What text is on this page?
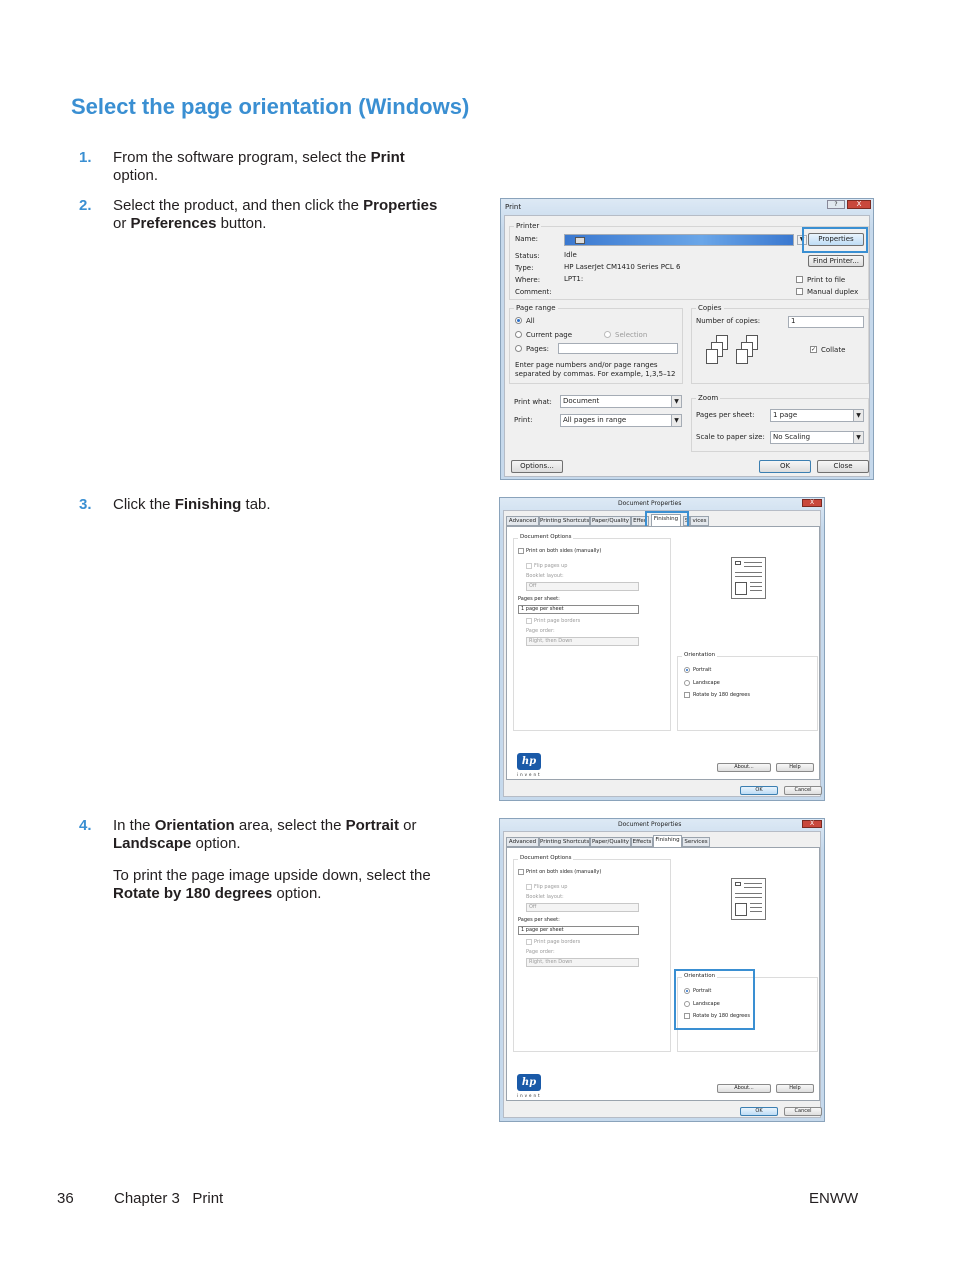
Select the page orientation (Windows)
1. From the software program, select the Print option.
2. Select the product, and then click the Properties or Preferences button.
3. Click the Finishing tab.
4. In the Orientation area, select the Portrait or Landscape option.
To print the page image upside down, select the Rotate by 180 degrees option.
Print	?	X
Printer
Name:	▼
Status:	Idle
Type:	HP LaserJet CM1410 Series PCL 6
Where:	LPT1:
Comment:
Properties
Find Printer...
Print to file
Manual duplex
Page range
All
Current page	Selection
Pages:
Enter page numbers and/or page ranges
separated by commas. For example, 1,3,5–12
Copies
Number of copies:	1
✓ Collate
Print what:	Document	▼
Print:	All pages in range	▼
Zoom
Pages per sheet:	1 page	▼
Scale to paper size:	No Scaling	▼
Options...	OK	Close
Document Properties	X
Advanced Printing Shortcuts Paper/Quality Effec	Finishing	S vices
Document Options
Print on both sides (manually)
Flip pages up
Booklet layout:
Off
Pages per sheet:
1 page per sheet
Print page borders
Page order:
Right, then Down
Orientation
Portrait
Landscape
Rotate by 180 degrees
hp
invent
About...	Help
OK	Cancel
Document Properties	X
Advanced Printing Shortcuts Paper/Quality Effects Finishing Services
Document Options
Print on both sides (manually)
Flip pages up
Booklet layout:
Off
Pages per sheet:
1 page per sheet
Print page borders
Page order:
Right, then Down
Orientation
Portrait
Landscape
Rotate by 180 degrees
hp
invent
About...	Help
OK	Cancel
36	Chapter 3   Print	ENWW
